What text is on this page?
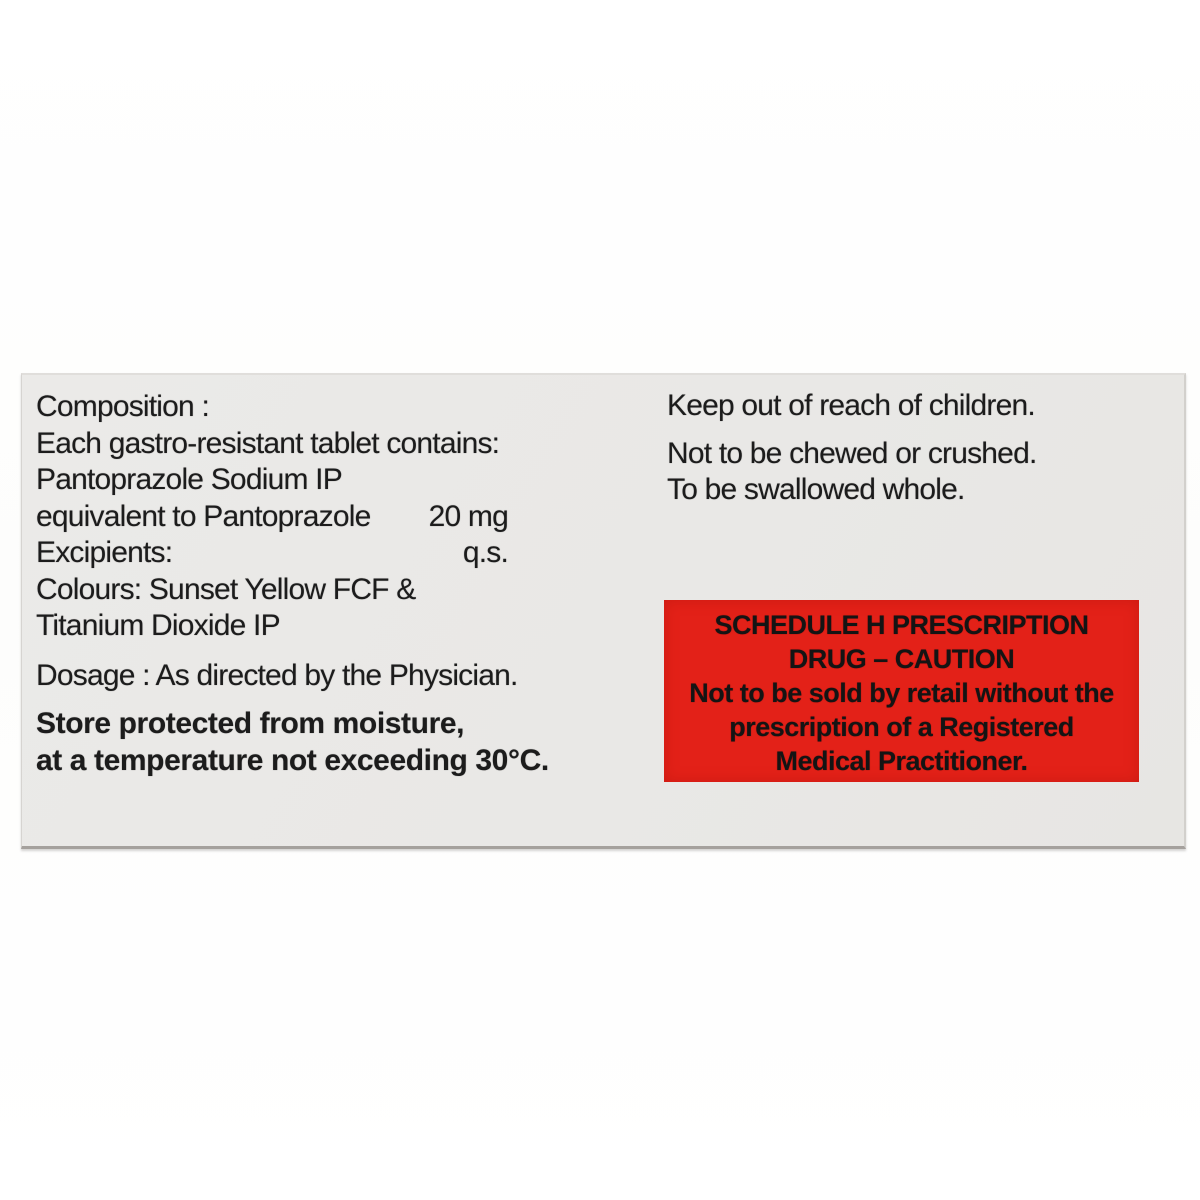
Composition :
Each gastro-resistant tablet contains:
Pantoprazole Sodium IP
equivalent to Pantoprazole 20 mg
Excipients:	q.s.
Colours: Sunset Yellow FCF &
Titanium Dioxide IP
Dosage : As directed by the Physician.
Store protected from moisture,
at a temperature not exceeding 30°C.
Keep out of reach of children.
Not to be chewed or crushed.
To be swallowed whole.
SCHEDULE H PRESCRIPTION
DRUG – CAUTION
Not to be sold by retail without the
prescription of a Registered
Medical Practitioner.
